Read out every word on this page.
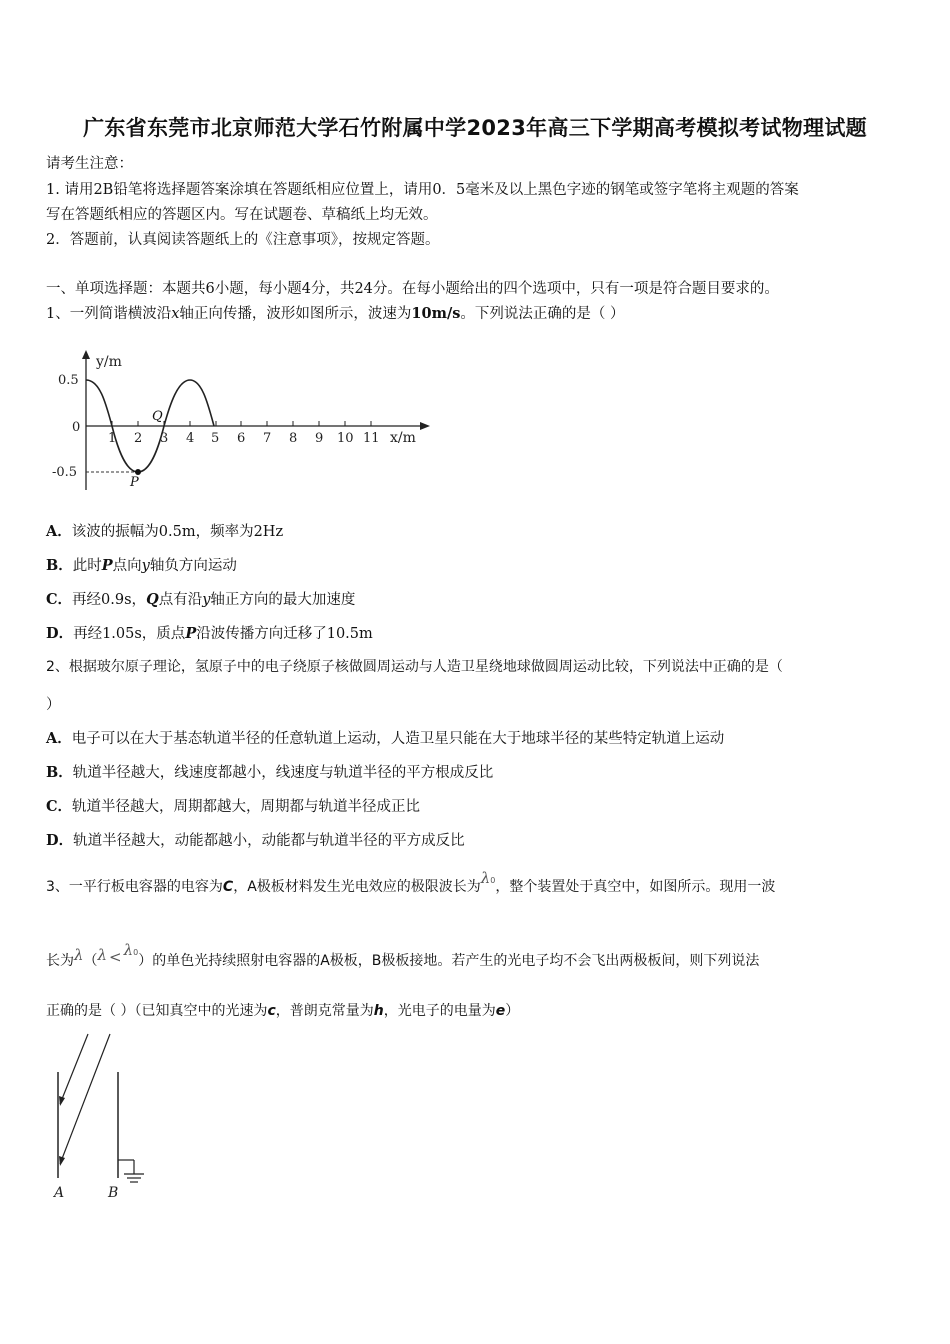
广东省东莞市北京师范大学石竹附属中学2023年高三下学期高考模拟考试物理试题
请考生注意：
1. 请用2B铅笔将选择题答案涂填在答题纸相应位置上，请用0．5毫米及以上黑色字迹的钢笔或签字笔将主观题的答案
写在答题纸相应的答题区内。写在试题卷、草稿纸上均无效。
2．答题前，认真阅读答题纸上的《注意事项》，按规定答题。
一、单项选择题：本题共6小题，每小题4分，共24分。在每小题给出的四个选项中，只有一项是符合题目要求的。
1、一列简谐横波沿x轴正向传播，波形如图所示，波速为10m/s。下列说法正确的是（ ）
y/m
0.5
0
-0.5
1 2 3 4 5 6 7 8 9 10 11 x/m
P
Q
A．该波的振幅为0.5m，频率为2Hz
B．此时P点向y轴负方向运动
C．再经0.9s，Q点有沿y轴正方向的最大加速度
D．再经1.05s，质点P沿波传播方向迁移了10.5m
2、根据玻尔原子理论，氢原子中的电子绕原子核做圆周运动与人造卫星绕地球做圆周运动比较，下列说法中正确的是（
）
A．电子可以在大于基态轨道半径的任意轨道上运动，人造卫星只能在大于地球半径的某些特定轨道上运动
B．轨道半径越大，线速度都越小，线速度与轨道半径的平方根成反比
C．轨道半径越大，周期都越大，周期都与轨道半径成正比
D．轨道半径越大，动能都越小，动能都与轨道半径的平方成反比
3、一平行板电容器的电容为C，A极板材料发生光电效应的极限波长为λ0，整个装置处于真空中，如图所示。现用一波
长为λ（λ < λ0）的单色光持续照射电容器的A极板，B极板接地。若产生的光电子均不会飞出两极板间，则下列说法
正确的是（ ）（已知真空中的光速为c，普朗克常量为h，光电子的电量为e）
A	B
